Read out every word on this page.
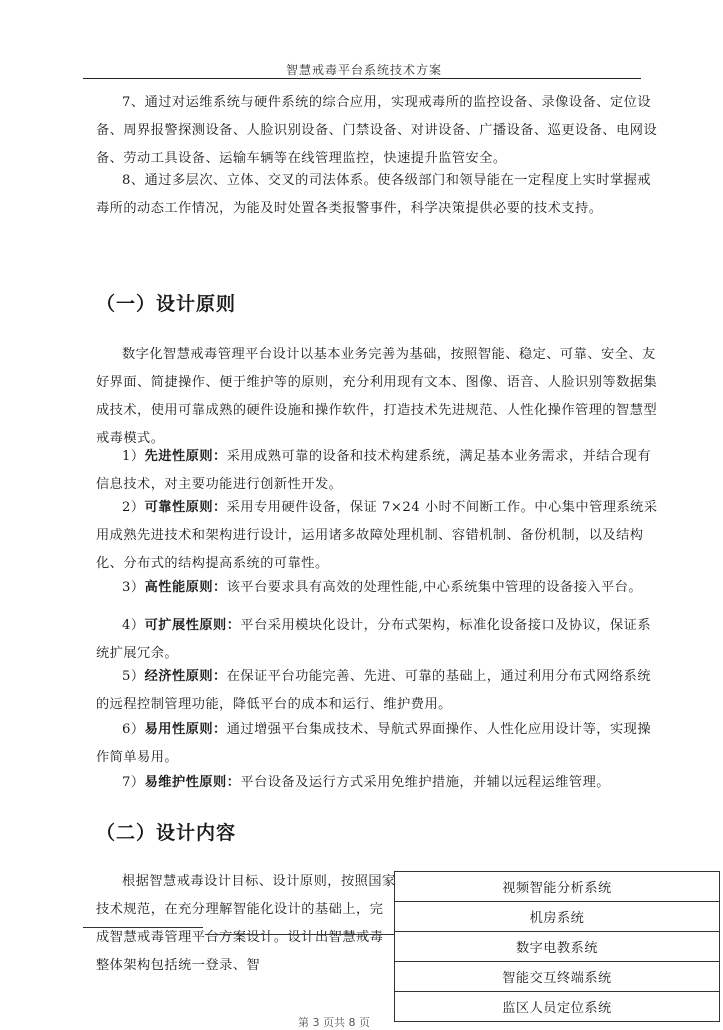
智慧戒毒平台系统技术方案

7、通过对运维系统与硬件系统的综合应用，实现戒毒所的监控设备、录像设备、定位设备、周界报警探测设备、人脸识别设备、门禁设备、对讲设备、广播设备、巡更设备、电网设备、劳动工具设备、运输车辆等在线管理监控，快速提升监管安全。

8、通过多层次、立体、交叉的司法体系。使各级部门和领导能在一定程度上实时掌握戒毒所的动态工作情况，为能及时处置各类报警事件，科学决策提供必要的技术支持。

（一）设计原则

数字化智慧戒毒管理平台设计以基本业务完善为基础，按照智能、稳定、可靠、安全、友好界面、简捷操作、便于维护等的原则，充分利用现有文本、图像、语音、人脸识别等数据集成技术，使用可靠成熟的硬件设施和操作软件，打造技术先进规范、人性化操作管理的智慧型戒毒模式。

1）先进性原则：采用成熟可靠的设备和技术构建系统，满足基本业务需求，并结合现有信息技术，对主要功能进行创新性开发。

2）可靠性原则：采用专用硬件设备，保证 7×24 小时不间断工作。中心集中管理系统采用成熟先进技术和架构进行设计，运用诸多故障处理机制、容错机制、备份机制，以及结构化、分布式的结构提高系统的可靠性。

3）高性能原则：该平台要求具有高效的处理性能,中心系统集中管理的设备接入平台。

4）可扩展性原则：平台采用模块化设计，分布式架构，标准化设备接口及协议，保证系统扩展冗余。

5）经济性原则：在保证平台功能完善、先进、可靠的基础上，通过利用分布式网络系统的远程控制管理功能，降低平台的成本和运行、维护费用。

6）易用性原则：通过增强平台集成技术、导航式界面操作、人性化应用设计等，实现操作简单易用。

7）易维护性原则：平台设备及运行方式采用免维护措施，并辅以远程运维管理。

（二）设计内容

根据智慧戒毒设计目标、设计原则，按照国家技术规范，在充分理解智能化设计的基础上，完成智慧戒毒管理平台方案设计。设计出智慧戒毒整体架构包括统一登录、智

视频智能分析系统
机房系统
数字电教系统
智能交互终端系统
监区人员定位系统
第 3 页共 8 页
